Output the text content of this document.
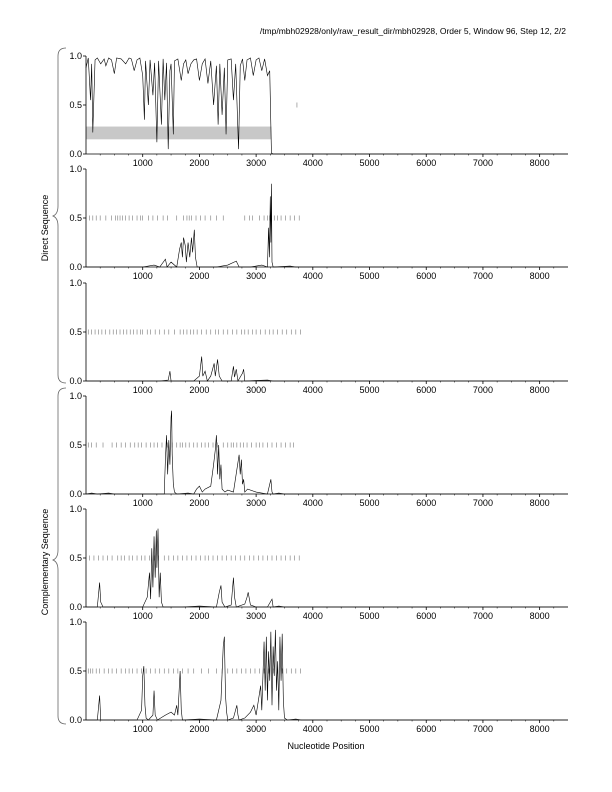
/tmp/mbh02928/only/raw_result_dir/mbh02928, Order 5, Window 96, Step 12, 2/2
0.0
0.5
1.0
1000	2000	3000	4000	5000	6000	7000	8000
0.0
0.5
1.0
1000	2000	3000	4000	5000	6000	7000	8000
0.0
0.5
1.0
1000	2000	3000	4000	5000	6000	7000	8000
0.0
0.5
1.0
1000	2000	3000	4000	5000	6000	7000	8000
0.0
0.5
1.0
1000	2000	3000	4000	5000	6000	7000	8000
0.0
0.5
1.0
1000	2000	3000	4000	5000	6000	7000	8000
Nucleotide Position
Direct Sequence
Complementary Sequence
